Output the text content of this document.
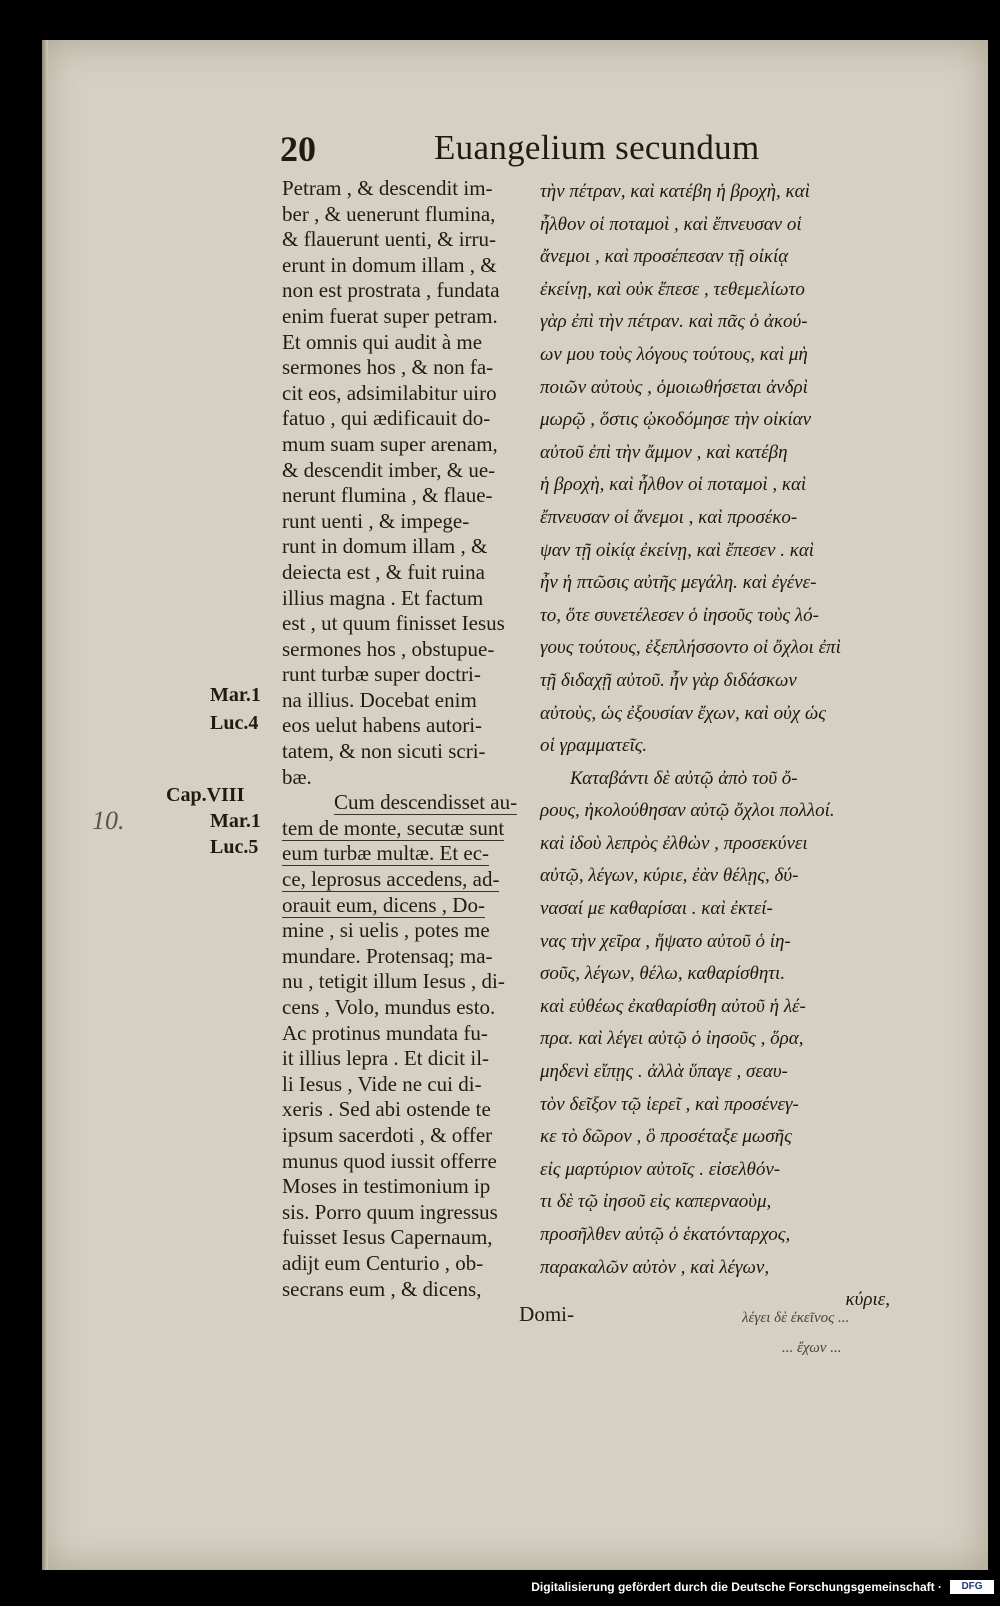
20	Euangelium secundum
Mar.1
Luc.4
Cap.VIII
Mar.1
Luc.5
10.
Petram , & descendit im-
ber , & uenerunt flumina,
& flauerunt uenti, & irru-
erunt in domum illam , &
non est prostrata , fundata
enim fuerat super petram.
Et omnis qui audit à me
sermones hos , & non fa-
cit eos, adsimilabitur uiro
fatuo , qui ædificauit do-
mum suam super arenam,
& descendit imber, & ue-
nerunt flumina , & flaue-
runt uenti , & impege-
runt in domum illam , &
deiecta est , & fuit ruina
illius magna . Et factum
est , ut quum finisset Iesus
sermones hos , obstupue-
runt turbæ super doctri-
na illius. Docebat enim
eos uelut habens autori-
tatem, & non sicuti scri-
bæ.
Cum descendisset au-
tem de monte, secutæ sunt
eum turbæ multæ. Et ec-
ce, leprosus accedens, ad-
orauit eum, dicens , Do-
mine , si uelis , potes me
mundare. Protensaq; ma-
nu , tetigit illum Iesus , di-
cens , Volo, mundus esto.
Ac protinus mundata fu-
it illius lepra . Et dicit il-
li Iesus , Vide ne cui di-
xeris . Sed abi ostende te
ipsum sacerdoti , & offer
munus quod iussit offerre
Moses in testimonium ip
sis. Porro quum ingressus
fuisset Iesus Capernaum,
adijt eum Centurio , ob-
secrans eum , & dicens,
Domi-
τὴν πέτραν, καὶ κατέβη ἡ βροχὴ, καὶ
ἦλθον οἱ ποταμοὶ , καὶ ἔπνευσαν οἱ
ἄνεμοι , καὶ προσέπεσαν τῇ οἰκίᾳ
ἐκείνῃ, καὶ οὐκ ἔπεσε , τεθεμελίωτο
γὰρ ἐπὶ τὴν πέτραν. καὶ πᾶς ὁ ἀκού-
ων μου τοὺς λόγους τούτους, καὶ μὴ
ποιῶν αὐτοὺς , ὁμοιωθήσεται ἀνδρὶ
μωρῷ , ὅστις ᾠκοδόμησε τὴν οἰκίαν
αὐτοῦ ἐπὶ τὴν ἄμμον , καὶ κατέβη
ἡ βροχὴ, καὶ ἦλθον οἱ ποταμοὶ , καὶ
ἔπνευσαν οἱ ἄνεμοι , καὶ προσέκο-
ψαν τῇ οἰκίᾳ ἐκείνῃ, καὶ ἔπεσεν . καὶ
ἦν ἡ πτῶσις αὐτῆς μεγάλη. καὶ ἐγένε-
το, ὅτε συνετέλεσεν ὁ ἰησοῦς τοὺς λό-
γους τούτους, ἐξεπλήσσοντο οἱ ὄχλοι ἐπὶ
τῇ διδαχῇ αὐτοῦ. ἦν γὰρ διδάσκων
αὐτοὺς, ὡς ἐξουσίαν ἔχων, καὶ οὐχ ὡς
οἱ γραμματεῖς.
Καταβάντι δὲ αὐτῷ ἀπὸ τοῦ ὄ-
ρους, ἠκολούθησαν αὐτῷ ὄχλοι πολλοί.
καὶ ἰδοὺ λεπρὸς ἐλθὼν , προσεκύνει
αὐτῷ, λέγων, κύριε, ἐὰν θέλῃς, δύ-
νασαί με καθαρίσαι . καὶ ἐκτεί-
νας τὴν χεῖρα , ἥψατο αὐτοῦ ὁ ἰη-
σοῦς, λέγων, θέλω, καθαρίσθητι.
καὶ εὐθέως ἐκαθαρίσθη αὐτοῦ ἡ λέ-
πρα. καὶ λέγει αὐτῷ ὁ ἰησοῦς , ὅρα,
μηδενὶ εἴπῃς . ἀλλὰ ὕπαγε , σεαυ-
τὸν δεῖξον τῷ ἱερεῖ , καὶ προσένεγ-
κε τὸ δῶρον , ὃ προσέταξε μωσῆς
εἰς μαρτύριον αὐτοῖς . εἰσελθόν-
τι δὲ τῷ ἰησοῦ εἰς καπερναοὺμ,
προσῆλθεν αὐτῷ ὁ ἑκατόνταρχος,
παρακαλῶν αὐτὸν , καὶ λέγων,
κύριε,
λέγει δὲ ἐκεῖνος ...
... ἔχων ...
Digitalisierung gefördert durch die Deutsche Forschungsgemeinschaft ·	DFG
